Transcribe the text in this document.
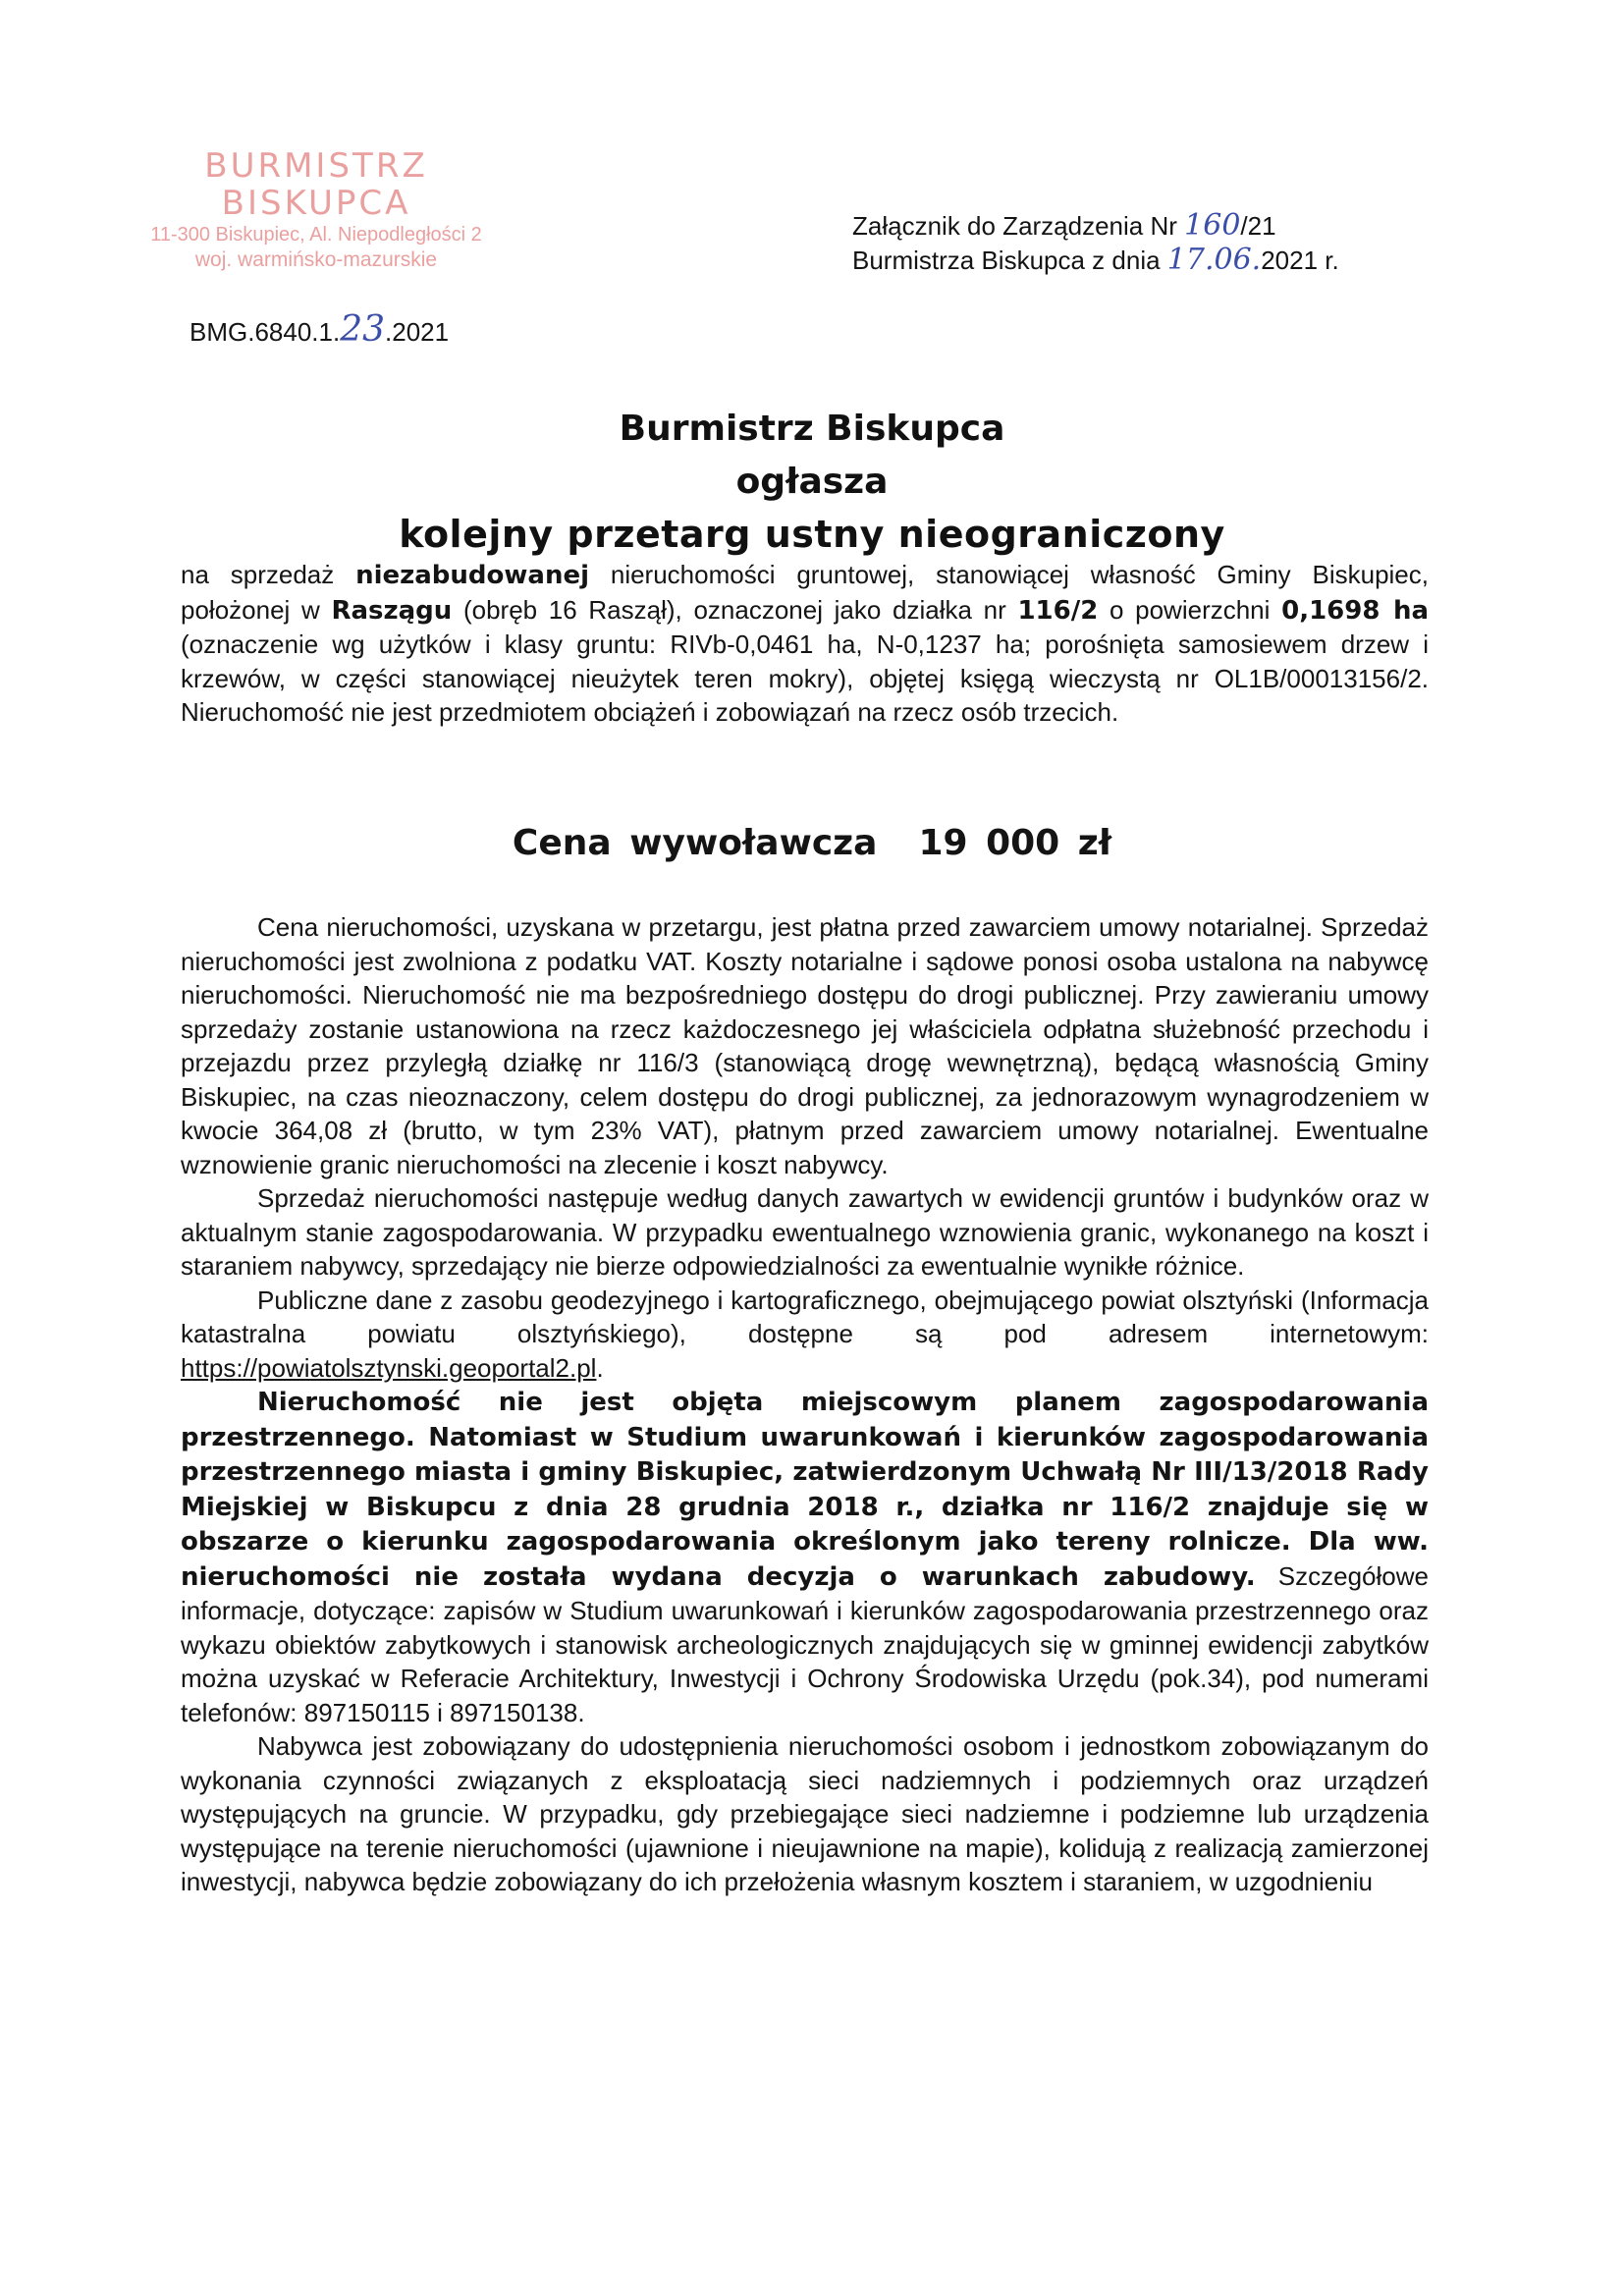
BURMISTRZ BISKUPCA
11-300 Biskupiec, Al. Niepodległości 2
woj. warmińsko-mazurskie
Załącznik do Zarządzenia Nr 160/21
Burmistrza Biskupca z dnia 17.06.2021 r.
BMG.6840.1.23.2021
Burmistrz Biskupca
ogłasza
kolejny przetarg ustny nieograniczony

na sprzedaż niezabudowanej nieruchomości gruntowej, stanowiącej własność Gminy Biskupiec, położonej w Raszągu (obręb 16 Raszął), oznaczonej jako działka nr 116/2 o powierzchni 0,1698 ha (oznaczenie wg użytków i klasy gruntu: RIVb-0,0461 ha, N-0,1237 ha; porośnięta samosiewem drzew i krzewów, w części stanowiącej nieużytek teren mokry), objętej księgą wieczystą nr OL1B/00013156/2. Nieruchomość nie jest przedmiotem obciążeń i zobowiązań na rzecz osób trzecich.

Cena wywoławcza 19 000 zł

Cena nieruchomości, uzyskana w przetargu, jest płatna przed zawarciem umowy notarialnej. Sprzedaż nieruchomości jest zwolniona z podatku VAT. Koszty notarialne i sądowe ponosi osoba ustalona na nabywcę nieruchomości. Nieruchomość nie ma bezpośredniego dostępu do drogi publicznej. Przy zawieraniu umowy sprzedaży zostanie ustanowiona na rzecz każdoczesnego jej właściciela odpłatna służebność przechodu i przejazdu przez przyległą działkę nr 116/3 (stanowiącą drogę wewnętrzną), będącą własnością Gminy Biskupiec, na czas nieoznaczony, celem dostępu do drogi publicznej, za jednorazowym wynagrodzeniem w kwocie 364,08 zł (brutto, w tym 23% VAT), płatnym przed zawarciem umowy notarialnej. Ewentualne wznowienie granic nieruchomości na zlecenie i koszt nabywcy.

Sprzedaż nieruchomości następuje według danych zawartych w ewidencji gruntów i budynków oraz w aktualnym stanie zagospodarowania. W przypadku ewentualnego wznowienia granic, wykonanego na koszt i staraniem nabywcy, sprzedający nie bierze odpowiedzialności za ewentualnie wynikłe różnice.

Publiczne dane z zasobu geodezyjnego i kartograficznego, obejmującego powiat olsztyński (Informacja katastralna powiatu olsztyńskiego), dostępne są pod adresem internetowym: https://powiatolsztynski.geoportal2.pl.

Nieruchomość nie jest objęta miejscowym planem zagospodarowania przestrzennego. Natomiast w Studium uwarunkowań i kierunków zagospodarowania przestrzennego miasta i gminy Biskupiec, zatwierdzonym Uchwałą Nr III/13/2018 Rady Miejskiej w Biskupcu z dnia 28 grudnia 2018 r., działka nr 116/2 znajduje się w obszarze o kierunku zagospodarowania określonym jako tereny rolnicze. Dla ww. nieruchomości nie została wydana decyzja o warunkach zabudowy. Szczegółowe informacje, dotyczące: zapisów w Studium uwarunkowań i kierunków zagospodarowania przestrzennego oraz wykazu obiektów zabytkowych i stanowisk archeologicznych znajdujących się w gminnej ewidencji zabytków można uzyskać w Referacie Architektury, Inwestycji i Ochrony Środowiska Urzędu (pok.34), pod numerami telefonów: 897150115 i 897150138.

Nabywca jest zobowiązany do udostępnienia nieruchomości osobom i jednostkom zobowiązanym do wykonania czynności związanych z eksploatacją sieci nadziemnych i podziemnych oraz urządzeń występujących na gruncie. W przypadku, gdy przebiegające sieci nadziemne i podziemne lub urządzenia występujące na terenie nieruchomości (ujawnione i nieujawnione na mapie), kolidują z realizacją zamierzonej inwestycji, nabywca będzie zobowiązany do ich przełożenia własnym kosztem i staraniem, w uzgodnieniu
